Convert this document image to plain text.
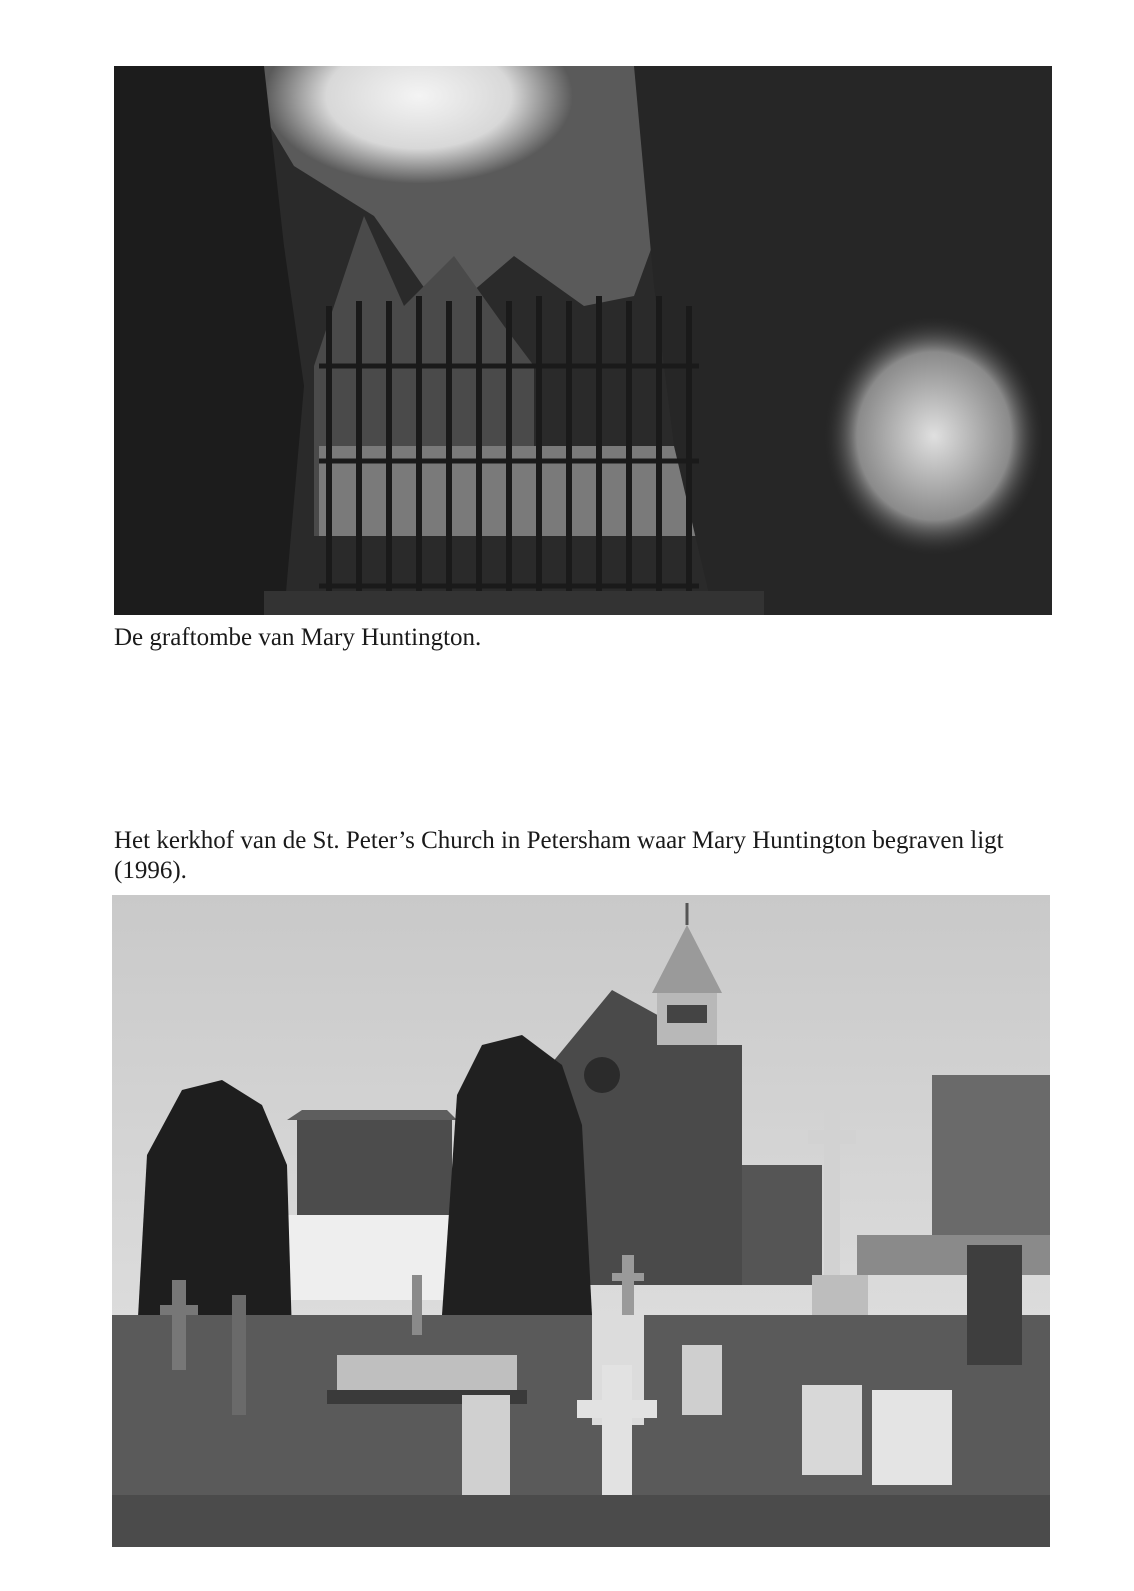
De graftombe van Mary Huntington.

Het kerkhof van de St. Peter’s Church in Petersham waar Mary Huntington begraven ligt (1996).
